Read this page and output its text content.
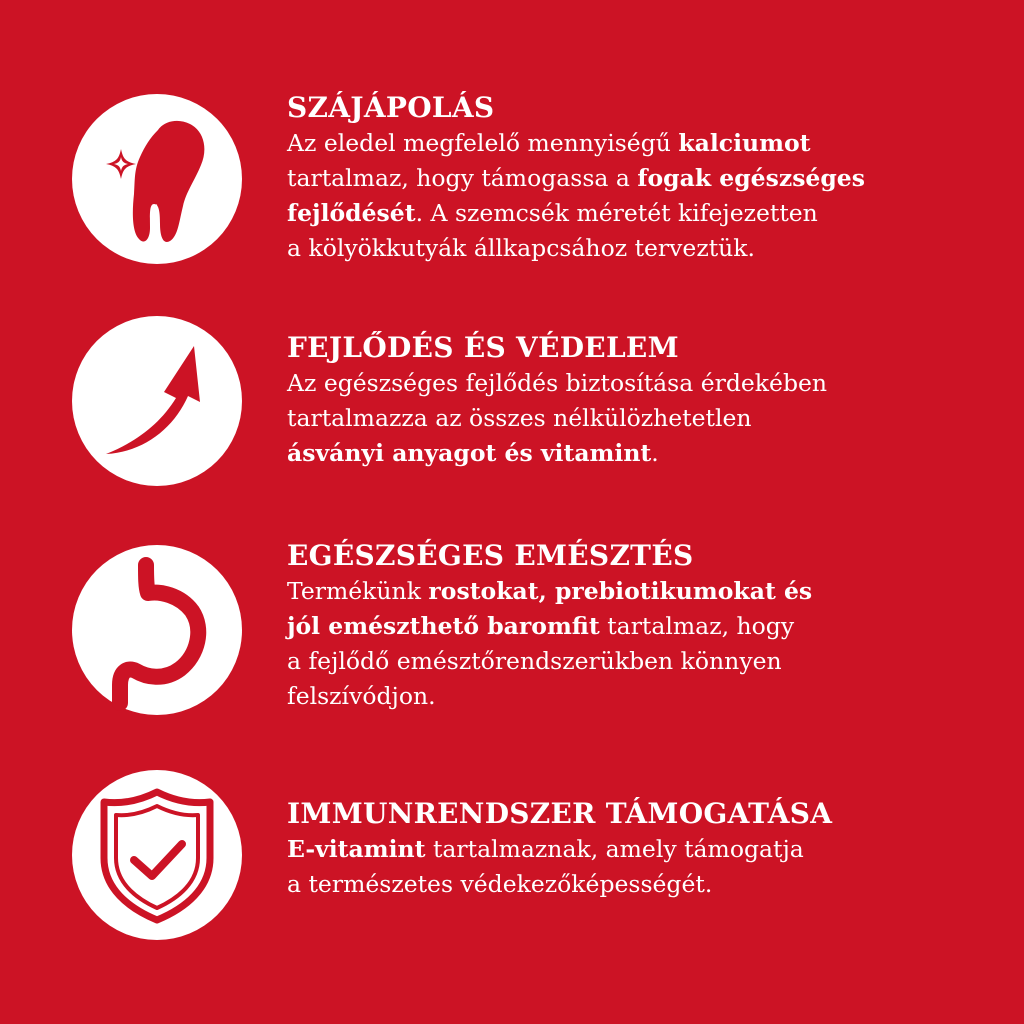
SZÁJÁPOLÁS
Az eledel megfelelő mennyiségű kalciumot
tartalmaz, hogy támogassa a fogak egészséges
fejlődését. A szemcsék méretét kifejezetten
a kölyökkutyák állkapcsához terveztük.
FEJLŐDÉS ÉS VÉDELEM
Az egészséges fejlődés biztosítása érdekében
tartalmazza az összes nélkülözhetetlen
ásványi anyagot és vitamint.
EGÉSZSÉGES EMÉSZTÉS
Termékünk rostokat, prebiotikumokat és
jól emészthető baromfit tartalmaz, hogy
a fejlődő emésztőrendszerükben könnyen
felszívódjon.
IMMUNRENDSZER TÁMOGATÁSA
E-vitamint tartalmaznak, amely támogatja
a természetes védekezőképességét.
